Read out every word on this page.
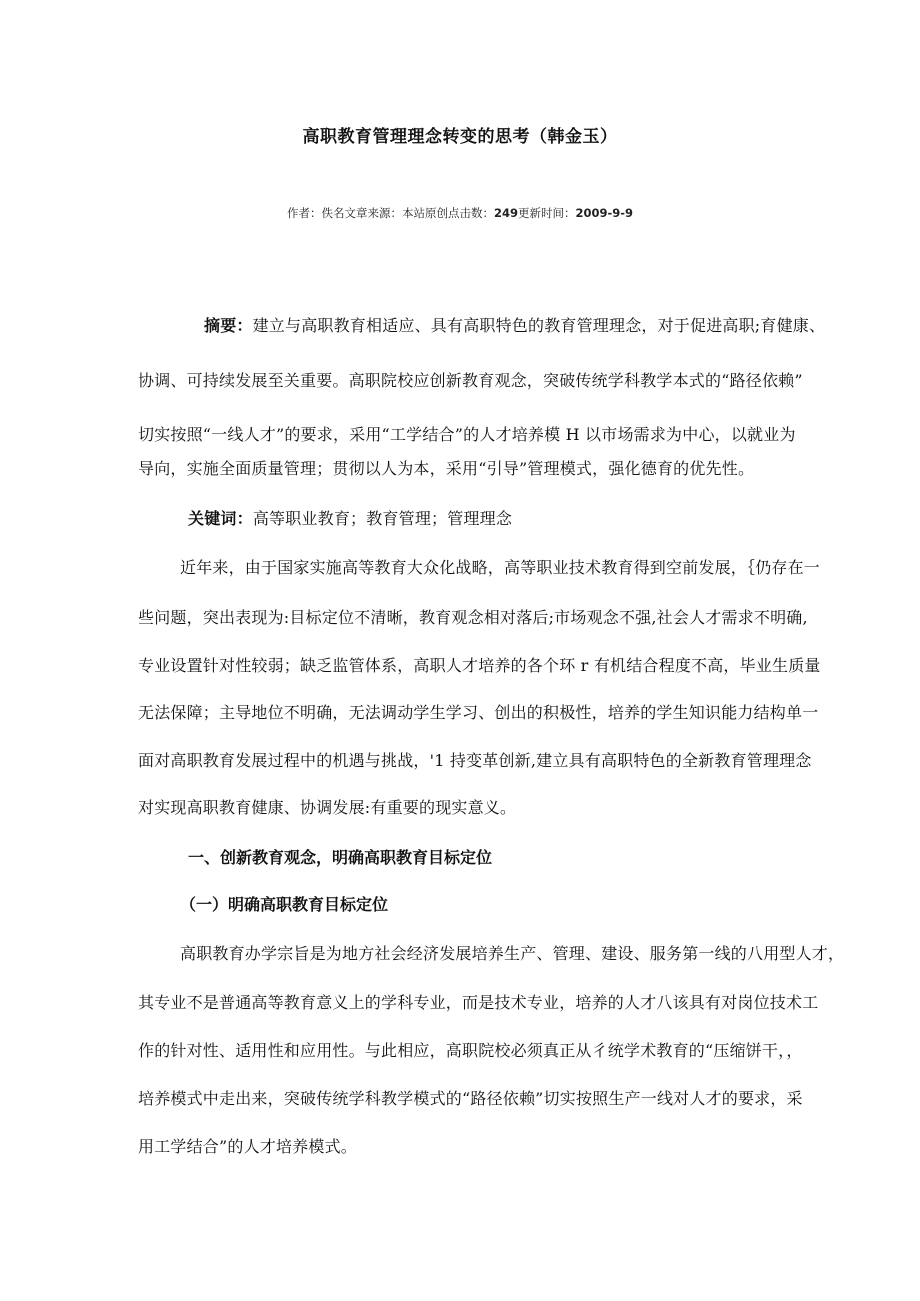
高职教育管理理念转变的思考（韩金玉）
作者：佚名文章来源：本站原创点击数：249更新时间：2009-9-9
摘要：建立与高职教育相适应、具有高职特色的教育管理理念，对于促进高职;育健康、
协调、可持续发展至关重要。高职院校应创新教育观念，突破传统学科教学本式的“路径依赖”
切实按照“一线人才”的要求，采用“工学结合”的人才培养模 H 以市场需求为中心，以就业为
导向，实施全面质量管理；贯彻以人为本，采用“引导”管理模式，强化德育的优先性。
关键词：高等职业教育；教育管理；管理理念
近年来，由于国家实施高等教育大众化战略，高等职业技术教育得到空前发展，｛仍存在一
些问题，突出表现为:目标定位不清晰，教育观念相对落后;市场观念不强,社会人才需求不明确,
专业设置针对性较弱；缺乏监管体系，高职人才培养的各个环 r 有机结合程度不高，毕业生质量
无法保障；主导地位不明确，无法调动学生学习、创出的积极性，培养的学生知识能力结构单一
面对高职教育发展过程中的机遇与挑战，'1 持变革创新,建立具有高职特色的全新教育管理理念
对实现高职教育健康、协调发展:有重要的现实意义。
一、创新教育观念，明确高职教育目标定位
（一）明确高职教育目标定位
高职教育办学宗旨是为地方社会经济发展培养生产、管理、建设、服务第一线的八用型人才，
其专业不是普通高等教育意义上的学科专业，而是技术专业，培养的人才八该具有对岗位技术工
作的针对性、适用性和应用性。与此相应，高职院校必须真正从彳统学术教育的“压缩饼干，，
培养模式中走出来，突破传统学科教学模式的“路径依赖”切实按照生产一线对人才的要求，采
用工学结合”的人才培养模式。
